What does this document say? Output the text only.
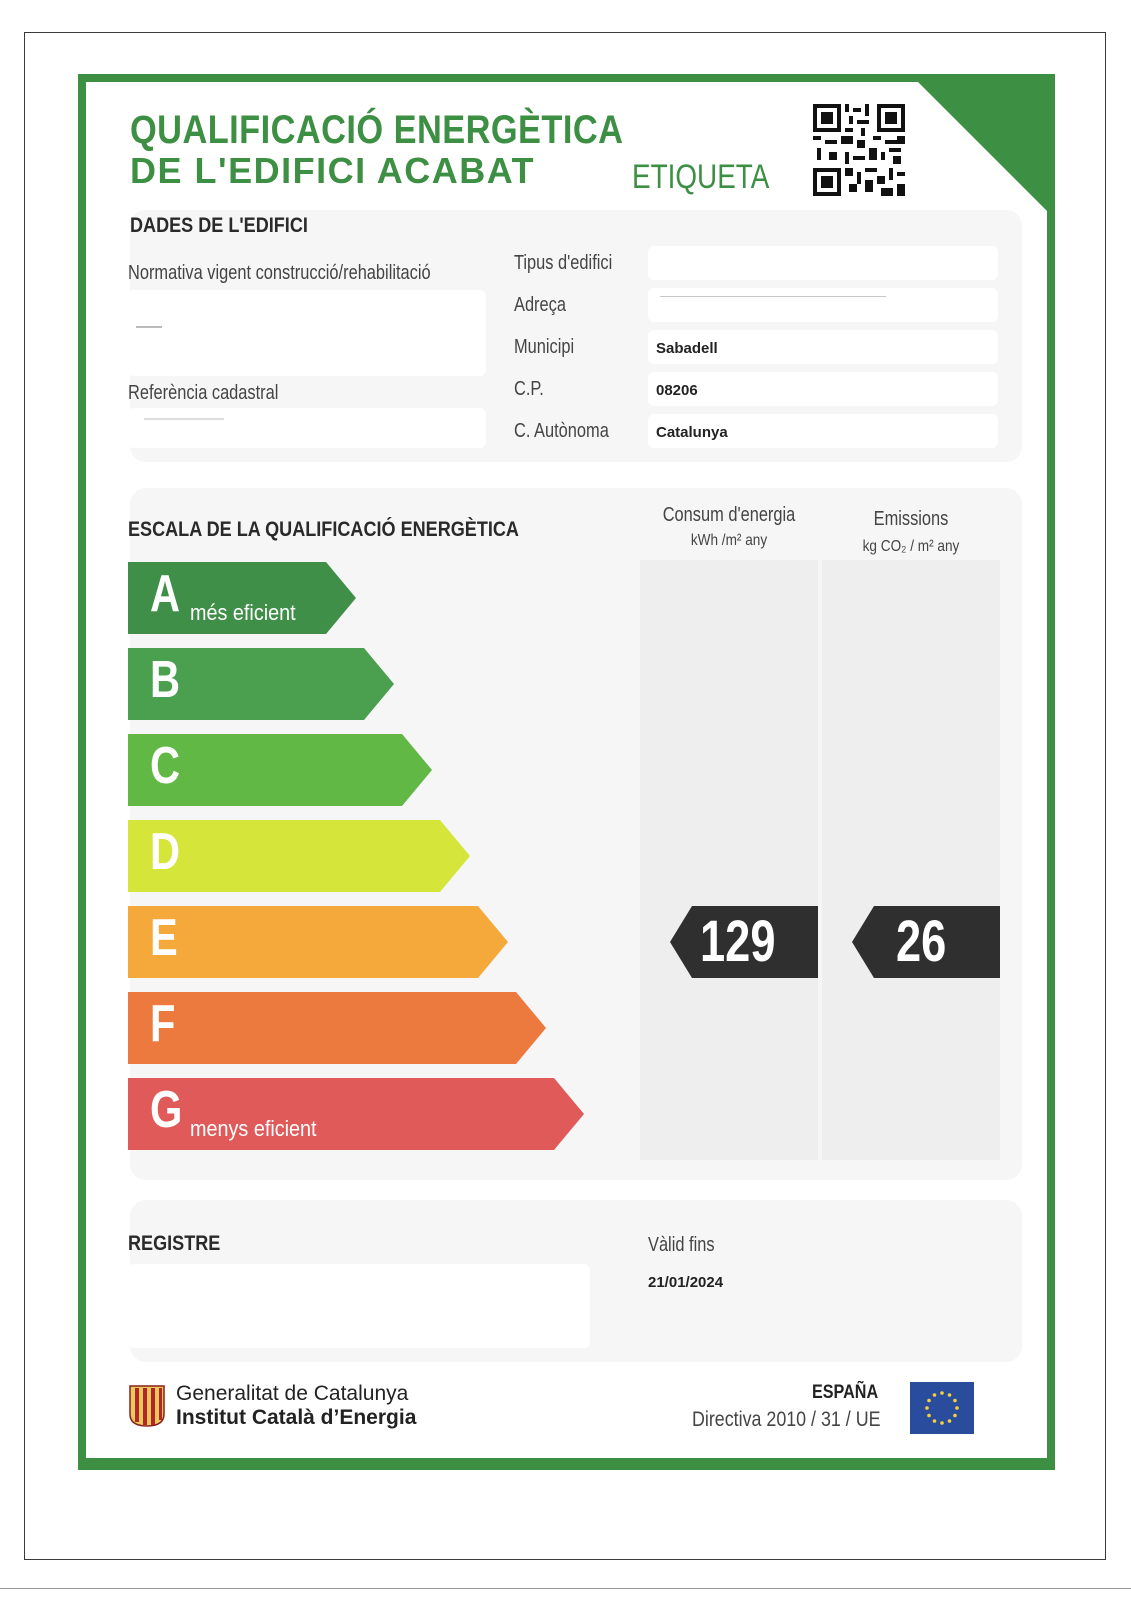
QUALIFICACIÓ ENERGÈTICA
DE L'EDIFICI ACABAT	ETIQUETA
DADES DE L'EDIFICI
Normativa vigent construcció/rehabilitació
Referència cadastral
Tipus d'edifici
Adreça
Municipi
C.P.
C. Autònoma
Sabadell
08206
Catalunya
ESCALA DE LA QUALIFICACIÓ ENERGÈTICA
Consum d'energia
kWh /m² any
Emissions
kg CO₂ / m² any
A més eficient
B
C
D
E
F
G menys eficient
129 26
REGISTRE	Vàlid fins
21/01/2024
Generalitat de Catalunya
Institut Català d’Energia
ESPAÑA
Directiva 2010 / 31 / UE
